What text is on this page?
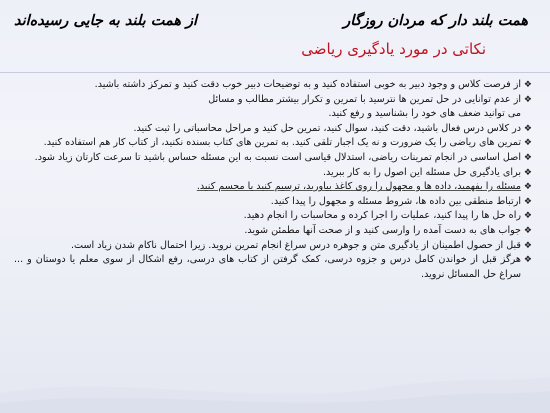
همت بلند دار که مردان روزگار
از همت بلند به جایی رسیده‌اند
نکاتی در مورد یادگیری ریاضی
❖
از فرصت کلاس و وجود دبیر به خوبی استفاده کنید و به توضیحات دبیر خوب دقت کنید و تمرکز داشته باشید.
❖
از عدم توانایی در حل تمرین ها نترسید با تمرین و تکرار بیشتر مطالب و مسائل
می توانید ضعف های خود را بشناسید و رفع کنید.
❖
در کلاس درس فعال باشید، دقت کنید، سوال کنید، تمرین حل کنید و مراحل محاسباتی را ثبت کنید.
❖
تمرین های ریاضی را یک ضرورت و نه یک اجبار تلقی کنید. به تمرین های کتاب بسنده نکنید، از کتاب کار هم استفاده کنید.
❖
اصل اساسی در انجام تمرینات ریاضی، استدلال قیاسی است نسبت به این مسئله حساس باشید تا سرعت کارتان زیاد شود.
❖
برای یادگیری حل مسئله این اصول را به کار ببرید.
❖
مسئله را بفهمید، داده ها و مجهول را روی کاغذ بیاورید، ترسیم کنید یا مجسم کنید.
❖
ارتباط منطقی بین داده ها، شروط مسئله و مجهول را پیدا کنید.
❖
راه حل ها را پیدا کنید، عملیات را اجرا کرده و محاسبات را انجام دهید.
❖
جواب های به دست آمده را وارسی کنید و از صحت آنها مطمئن شوید.
❖
قبل از حصول اطمینان از یادگیری متن و جوهره درس سراغ انجام تمرین نروید. زیرا احتمال ناکام شدن زیاد است.
❖
هرگز قبل از خواندن کامل درس و جزوه درسی، کمک گرفتن از کتاب های درسی، رفع اشکال از سوی معلم یا دوستان و ... سراغ حل المسائل نروید.
